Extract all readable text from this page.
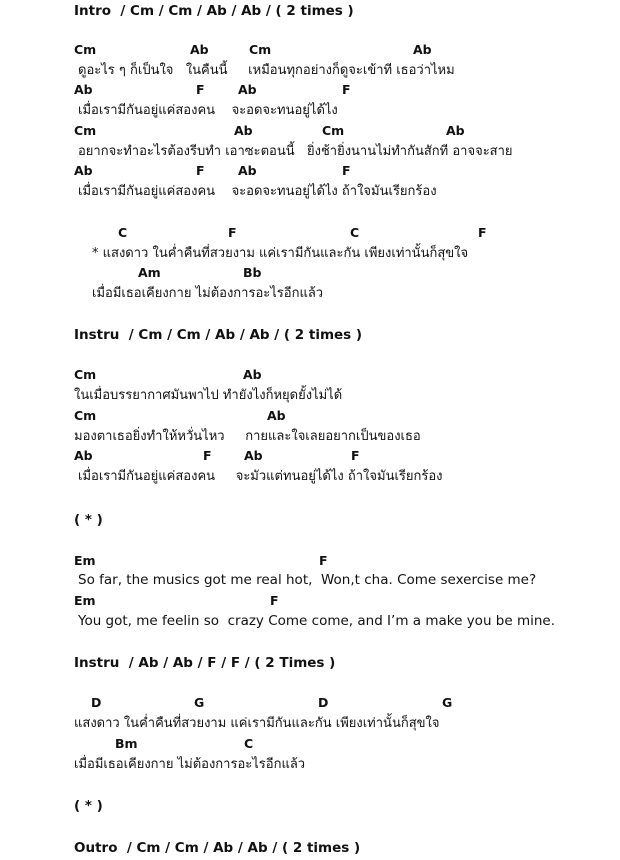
Intro  / Cm / Cm / Ab / Ab / ( 2 times )
Instru  / Cm / Cm / Ab / Ab / ( 2 times )
( * )
Instru  / Ab / Ab / F / F / ( 2 Times )
( * )
Outro  / Cm / Cm / Ab / Ab / ( 2 times )
Cm	Ab	Cm	Ab
ดูอะไร ๆ ก็เป็นใจ   ในคืนนี้     เหมือนทุกอย่างก็ดูจะเข้าที เธอว่าไหม
Ab	F	Ab	F
เมื่อเรามีกันอยู่แค่สองคน    จะอดจะทนอยู่ได้ไง
Cm	Ab	Cm	Ab
อยากจะทำอะไรต้องรีบทำ เอาซะตอนนี้   ยิ่งช้ายิ่งนานไม่ทำกันสักที อาจจะสาย
Ab	F	Ab	F
เมื่อเรามีกันอยู่แค่สองคน    จะอดจะทนอยู่ได้ไง ถ้าใจมันเรียกร้อง
C	F	C	F
* แสงดาว ในค่ำคืนที่สวยงาม แค่เรามีกันและกัน เพียงเท่านั้นก็สุขใจ
Am	Bb
เมื่อมีเธอเคียงกาย ไม่ต้องการอะไรอีกแล้ว
Cm	Ab
ในเมื่อบรรยากาศมันพาไป ทำยังไงก็หยุดยั้งไม่ได้
Cm	Ab
มองตาเธอยิ่งทำให้หวั่นไหว     กายและใจเลยอยากเป็นของเธอ
Ab	F	Ab	F
เมื่อเรามีกันอยู่แค่สองคน     จะมัวแต่ทนอยู่ได้ไง ถ้าใจมันเรียกร้อง
Em	F
So far, the musics got me real hot,  Won,t cha. Come sexercise me?
Em	F
You got, me feelin so  crazy Come come, and I’m a make you be mine.
D	G	D	G
แสงดาว ในค่ำคืนที่สวยงาม แค่เรามีกันและกัน เพียงเท่านั้นก็สุขใจ
Bm	C
เมื่อมีเธอเคียงกาย ไม่ต้องการอะไรอีกแล้ว
